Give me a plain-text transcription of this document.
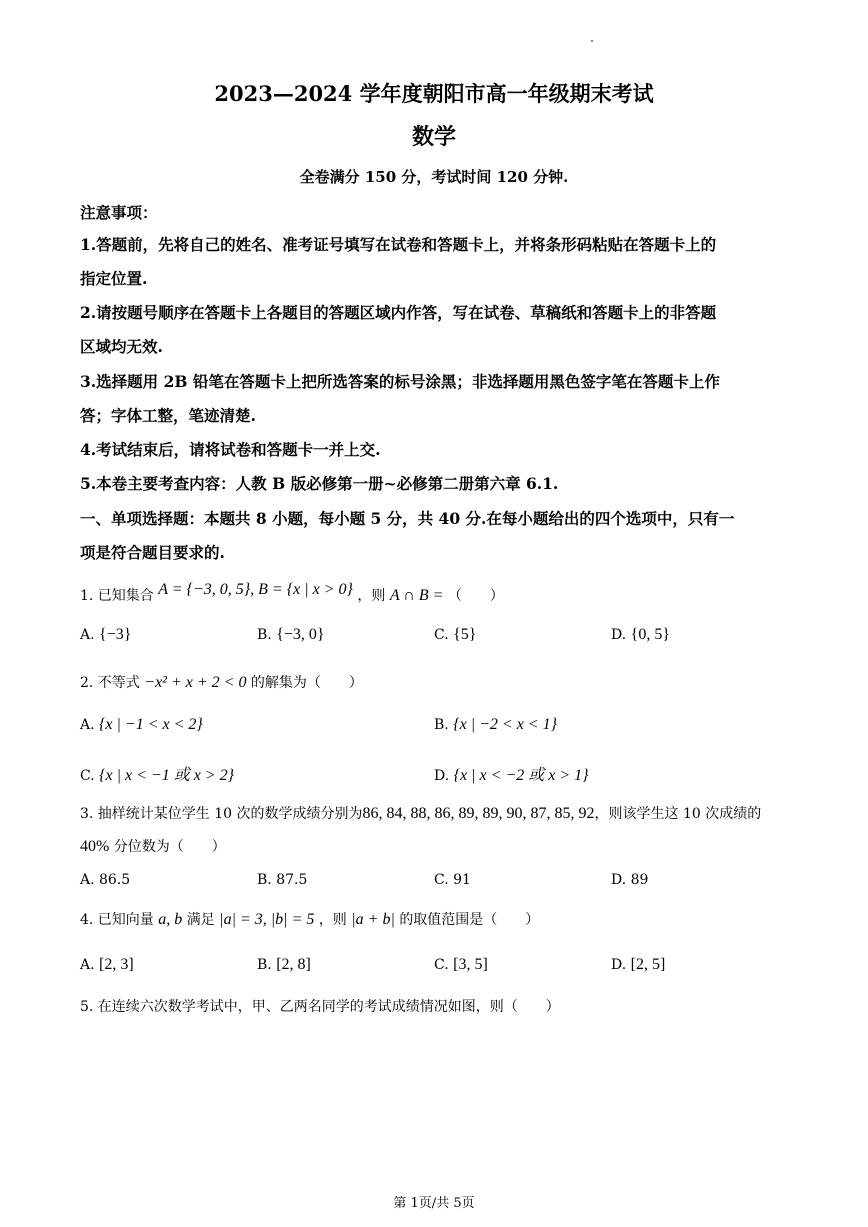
2023—2024 学年度朝阳市高一年级期末考试
数学
全卷满分 150 分，考试时间 120 分钟.
注意事项：
1.答题前，先将自己的姓名、准考证号填写在试卷和答题卡上，并将条形码粘贴在答题卡上的
指定位置.
2.请按题号顺序在答题卡上各题目的答题区域内作答，写在试卷、草稿纸和答题卡上的非答题
区域均无效.
3.选择题用 2B 铅笔在答题卡上把所选答案的标号涂黑；非选择题用黑色签字笔在答题卡上作
答；字体工整，笔迹清楚.
4.考试结束后，请将试卷和答题卡一并上交.
5.本卷主要考查内容：人教 B 版必修第一册~必修第二册第六章 6.1.
一、单项选择题：本题共 8 小题，每小题 5 分，共 40 分.在每小题给出的四个选项中，只有一
项是符合题目要求的.
1. 已知集合 A = {−3, 0, 5}, B = {x | x > 0} ，则 A ∩ B = （　　）
A. {−3}	B. {−3, 0}	C. {5}	D. {0, 5}
2. 不等式 −x² + x + 2 < 0 的解集为（　　）
A. {x | −1 < x < 2}	B. {x | −2 < x < 1}
C. {x | x < −1 或 x > 2}	D. {x | x < −2 或 x > 1}
3. 抽样统计某位学生 10 次的数学成绩分别为86, 84, 88, 86, 89, 89, 90, 87, 85, 92，则该学生这 10 次成绩的
40% 分位数为（　　）
A. 86.5	B. 87.5	C. 91	D. 89
4. 已知向量 a, b 满足 |a| = 3, |b| = 5 ，则 |a + b| 的取值范围是（　　）
A. [2, 3]	B. [2, 8]	C. [3, 5]	D. [2, 5]
5. 在连续六次数学考试中，甲、乙两名同学的考试成绩情况如图，则（　　）
第 1页/共 5页
